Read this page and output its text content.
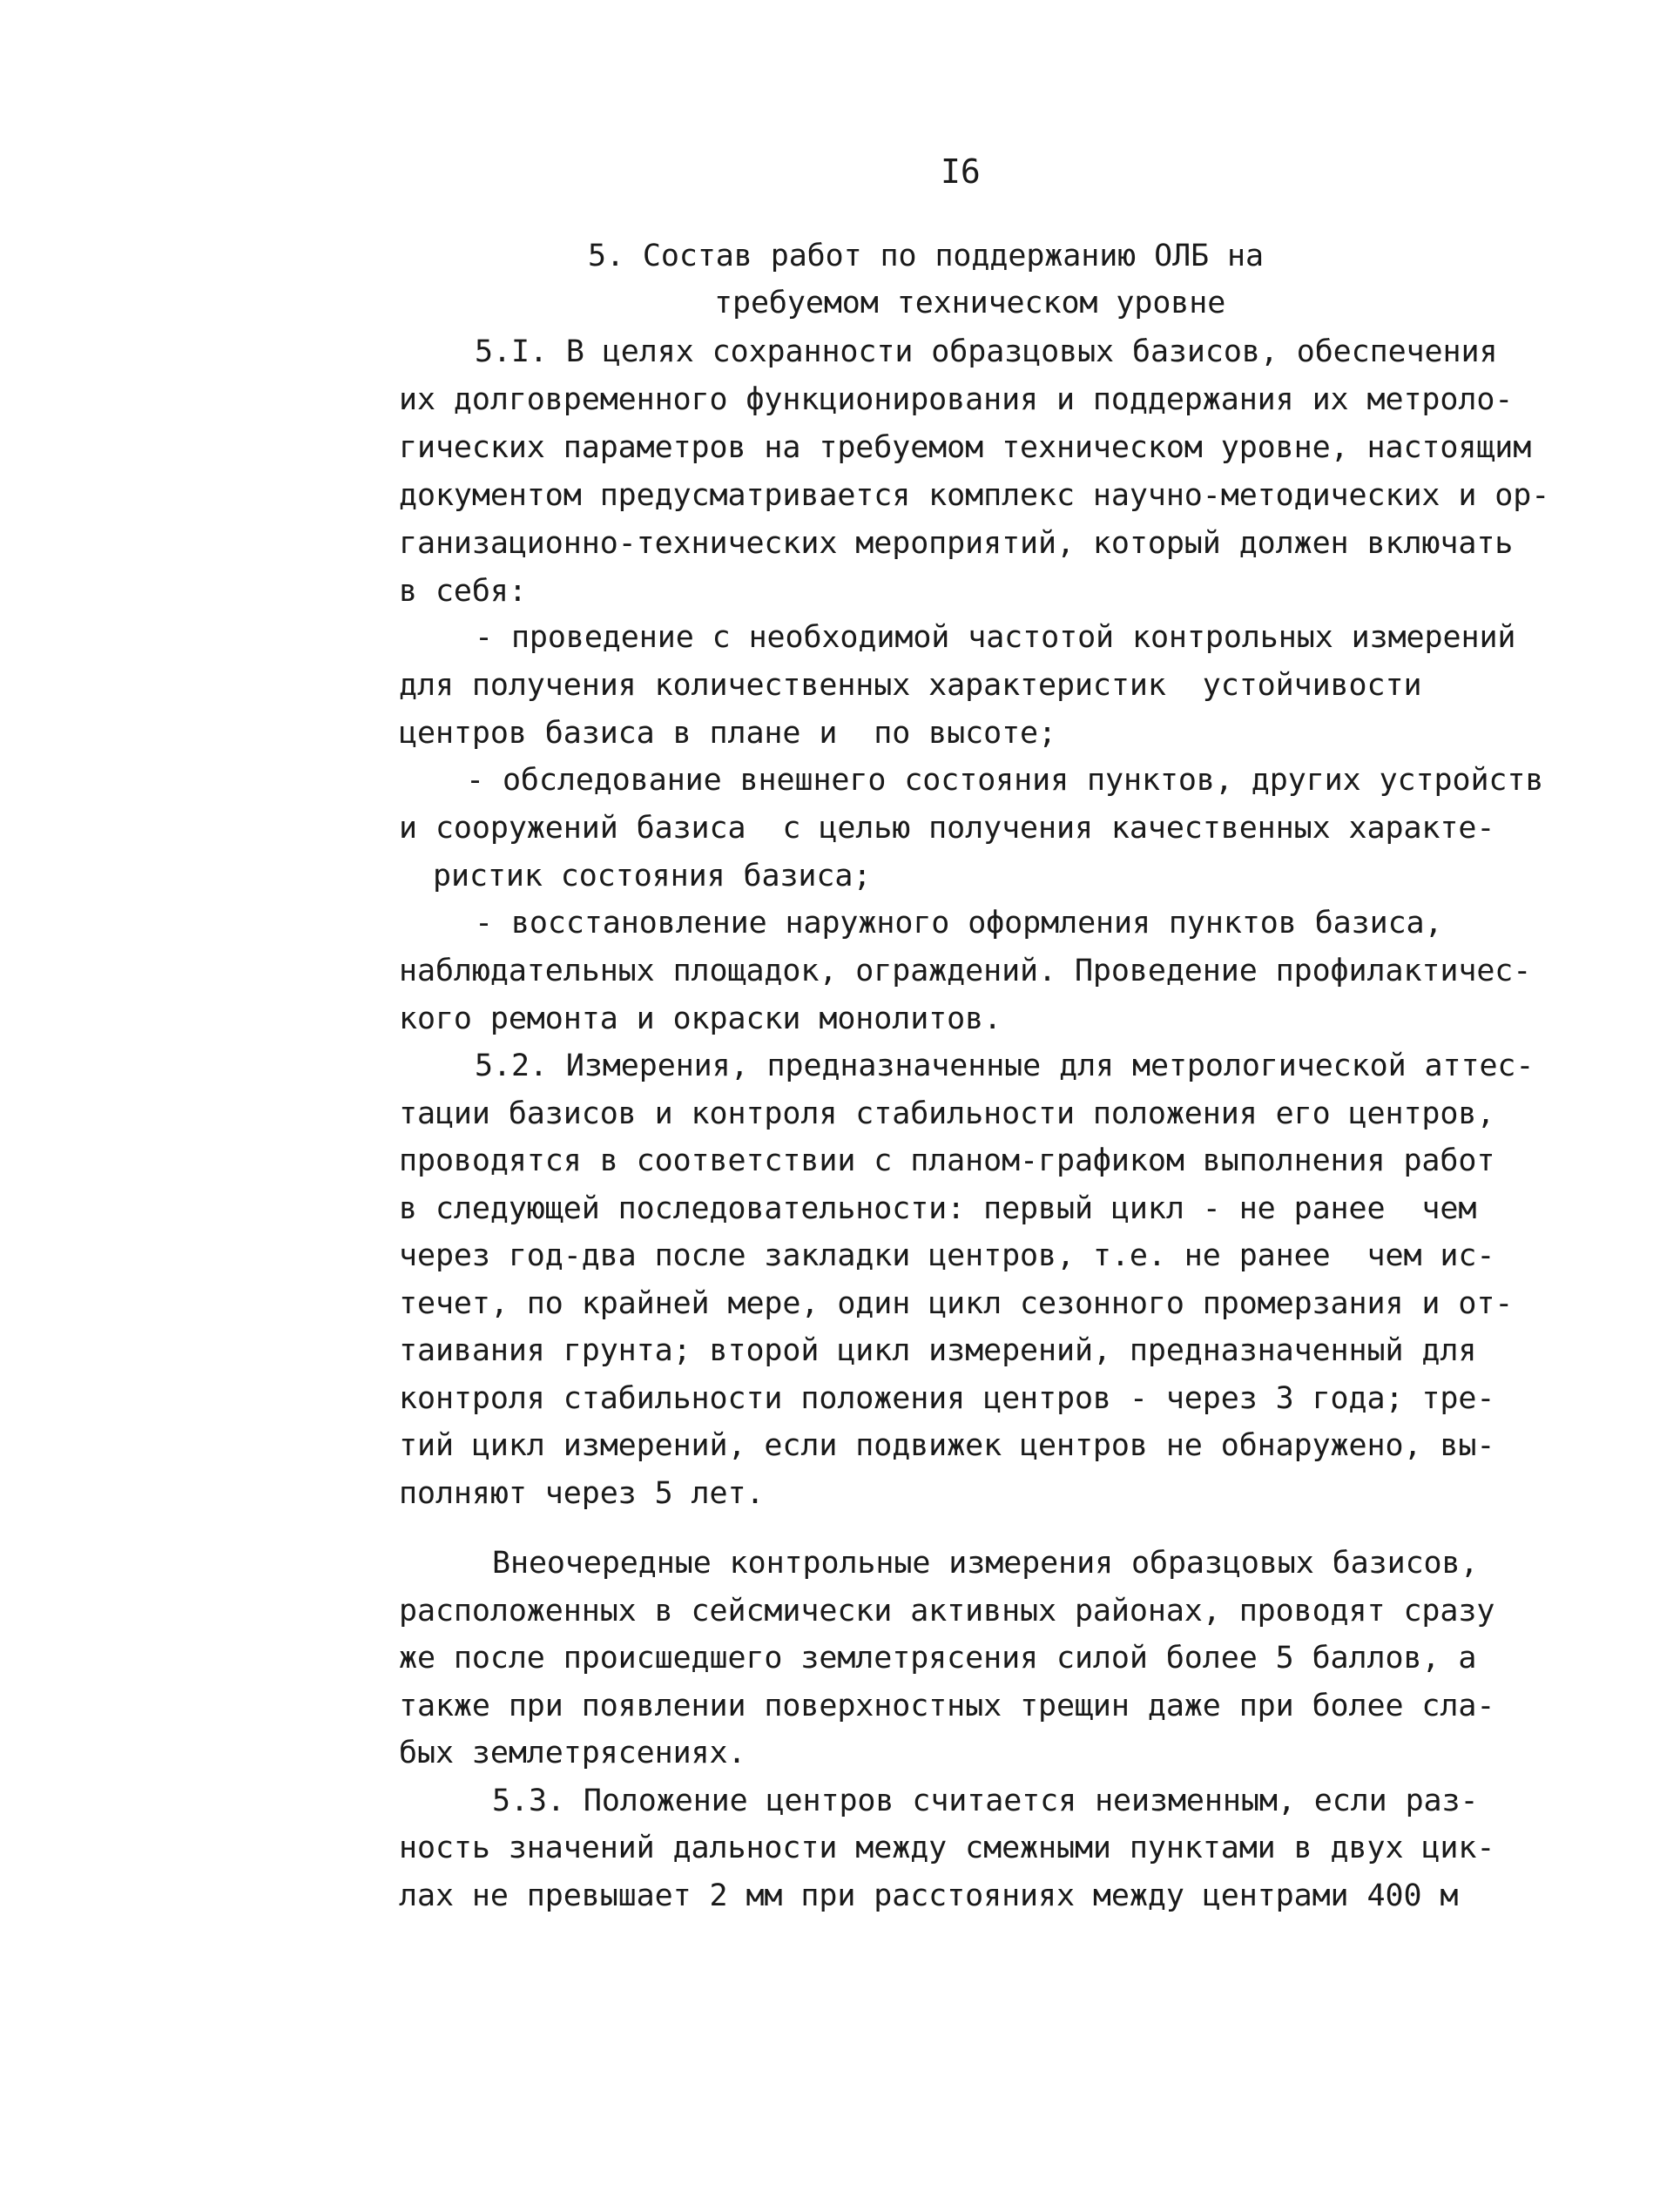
I6
5. Состав работ по поддержанию ОЛБ на
требуемом техническом уровне
5.I. В целях сохранности образцовых базисов, обеспечения
их долговременного функционирования и поддержания их метроло-
гических параметров на требуемом техническом уровне, настоящим
документом предусматривается комплекс научно-методических и ор-
ганизационно-технических мероприятий, который должен включать
в себя:
- проведение с необходимой частотой контрольных измерений
для получения количественных характеристик  устойчивости
центров базиса в плане и  по высоте;
- обследование внешнего состояния пунктов, других устройств
и сооружений базиса  с целью получения качественных характе-
ристик состояния базиса;
- восстановление наружного оформления пунктов базиса,
наблюдательных площадок, ограждений. Проведение профилактичес-
кого ремонта и окраски монолитов.
5.2. Измерения, предназначенные для метрологической аттес-
тации базисов и контроля стабильности положения его центров,
проводятся в соответствии с планом-графиком выполнения работ
в следующей последовательности: первый цикл - не ранее  чем
через год-два после закладки центров, т.е. не ранее  чем ис-
течет, по крайней мере, один цикл сезонного промерзания и от-
таивания грунта; второй цикл измерений, предназначенный для
контроля стабильности положения центров - через 3 года; тре-
тий цикл измерений, если подвижек центров не обнаружено, вы-
полняют через 5 лет.
Внеочередные контрольные измерения образцовых базисов,
расположенных в сейсмически активных районах, проводят сразу
же после происшедшего землетрясения силой более 5 баллов, а
также при появлении поверхностных трещин даже при более сла-
бых землетрясениях.
5.3. Положение центров считается неизменным, если раз-
ность значений дальности между смежными пунктами в двух цик-
лах не превышает 2 мм при расстояниях между центрами 400 м
